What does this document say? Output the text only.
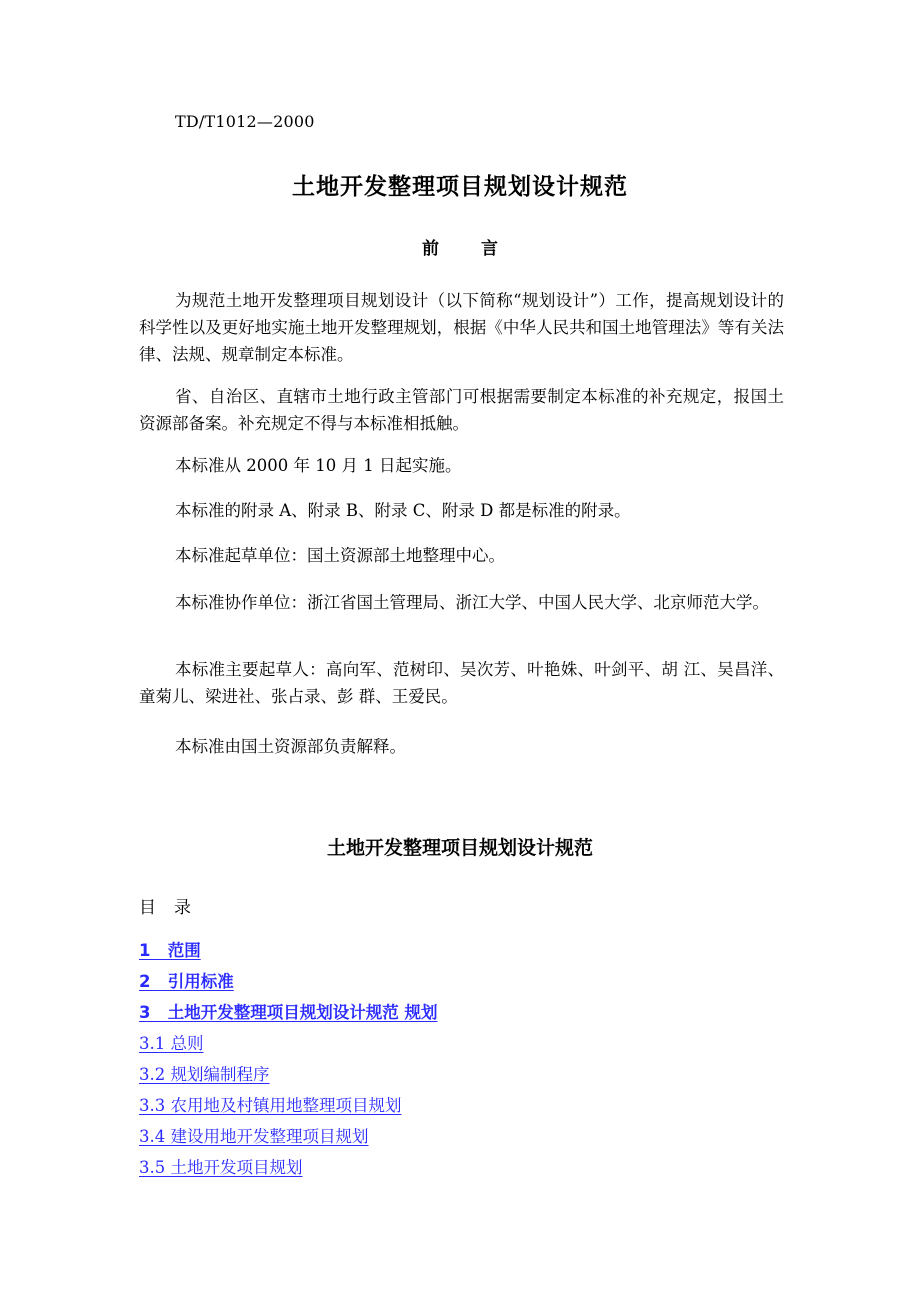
TD/T1012—2000
土地开发整理项目规划设计规范
前 言
为规范土地开发整理项目规划设计（以下简称“规划设计”）工作，提高规划设计的科学性以及更好地实施土地开发整理规划，根据《中华人民共和国土地管理法》等有关法律、法规、规章制定本标准。
省、自治区、直辖市土地行政主管部门可根据需要制定本标准的补充规定，报国土资源部备案。补充规定不得与本标准相抵触。
本标准从 2000 年 10 月 1 日起实施。
本标准的附录 A、附录 B、附录 C、附录 D 都是标准的附录。
本标准起草单位：国土资源部土地整理中心。
本标准协作单位：浙江省国土管理局、浙江大学、中国人民大学、北京师范大学。
本标准主要起草人：高向军、范树印、吴次芳、叶艳姝、叶剑平、胡 江、吴昌洋、童菊儿、梁进社、张占录、彭 群、王爱民。
本标准由国土资源部负责解释。
土地开发整理项目规划设计规范
目录
1   范围
2   引用标准
3   土地开发整理项目规划设计规范 规划
3.1 总则
3.2 规划编制程序
3.3 农用地及村镇用地整理项目规划
3.4 建设用地开发整理项目规划
3.5 土地开发项目规划
